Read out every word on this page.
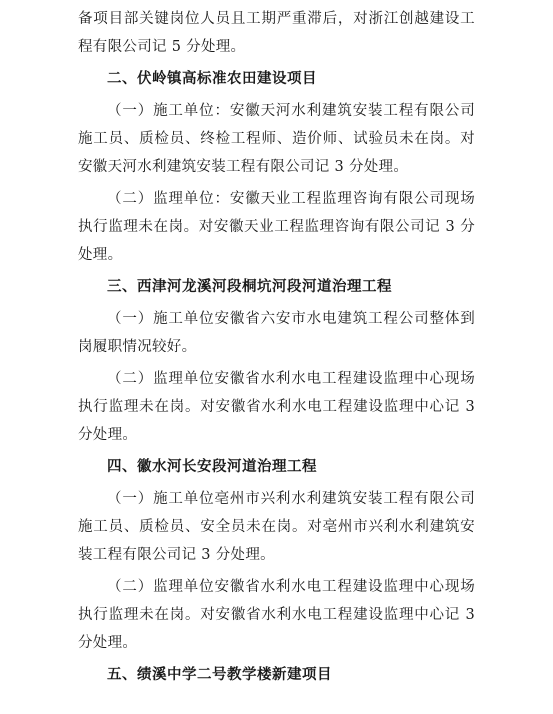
备项目部关键岗位人员且工期严重滞后，对浙江创越建设工程有限公司记 5 分处理。

二、伏岭镇高标准农田建设项目

（一）施工单位：安徽天河水利建筑安装工程有限公司施工员、质检员、终检工程师、造价师、试验员未在岗。对安徽天河水利建筑安装工程有限公司记 3 分处理。

（二）监理单位：安徽天业工程监理咨询有限公司现场执行监理未在岗。对安徽天业工程监理咨询有限公司记 3 分处理。

三、西津河龙溪河段桐坑河段河道治理工程

（一）施工单位安徽省六安市水电建筑工程公司整体到岗履职情况较好。

（二）监理单位安徽省水利水电工程建设监理中心现场执行监理未在岗。对安徽省水利水电工程建设监理中心记 3 分处理。

四、徽水河长安段河道治理工程

（一）施工单位亳州市兴利水利建筑安装工程有限公司施工员、质检员、安全员未在岗。对亳州市兴利水利建筑安装工程有限公司记 3 分处理。

（二）监理单位安徽省水利水电工程建设监理中心现场执行监理未在岗。对安徽省水利水电工程建设监理中心记 3 分处理。

五、绩溪中学二号教学楼新建项目
